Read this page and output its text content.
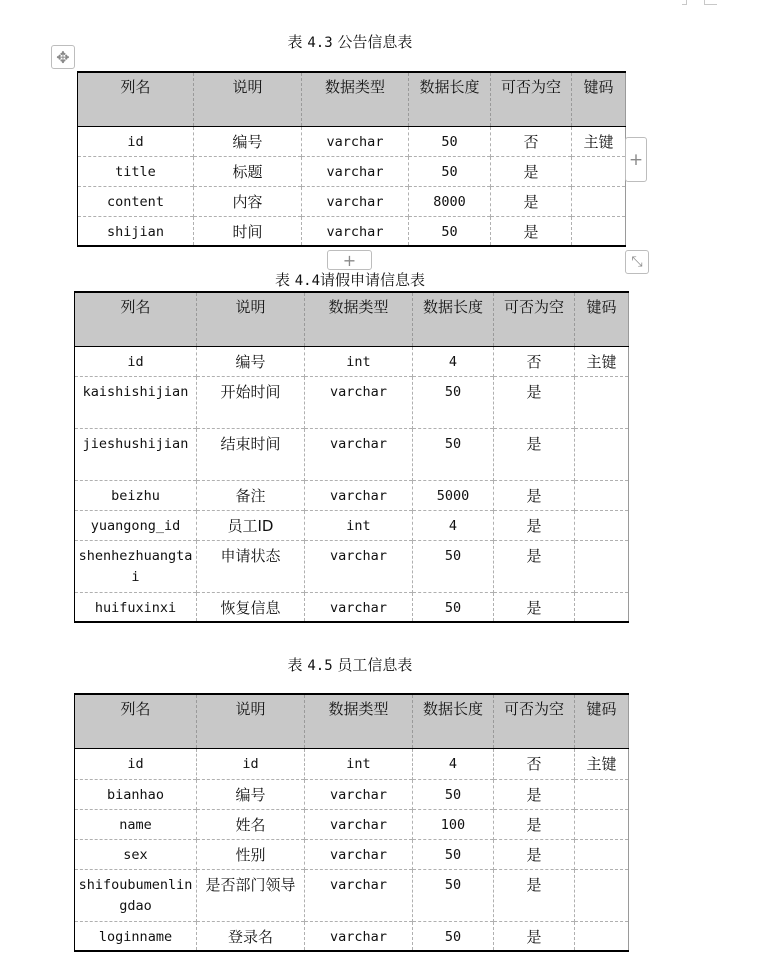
表 4.3 公告信息表
✥
列名	说明	数据类型	数据长度	可否为空	键码
id	编号	varchar	50	否	主键
title	标题	varchar	50	是	
content	内容	varchar	8000	是	
shijian	时间	varchar	50	是	
+
+	⤡
表 4.4请假申请信息表
列名	说明	数据类型	数据长度	可否为空	键码
id	编号	int	4	否	主键
kaishishijian	开始时间	varchar	50	是	
jieshushijian	结束时间	varchar	50	是	
beizhu	备注	varchar	5000	是	
yuangong_id	员工ID	int	4	是	
shenhezhuangtai	申请状态	varchar	50	是	
huifuxinxi	恢复信息	varchar	50	是	
表 4.5 员工信息表
列名	说明	数据类型	数据长度	可否为空	键码
id	id	int	4	否	主键
bianhao	编号	varchar	50	是	
name	姓名	varchar	100	是	
sex	性别	varchar	50	是	
shifoubumenlingdao	是否部门领导	varchar	50	是	
loginname	登录名	varchar	50	是	
